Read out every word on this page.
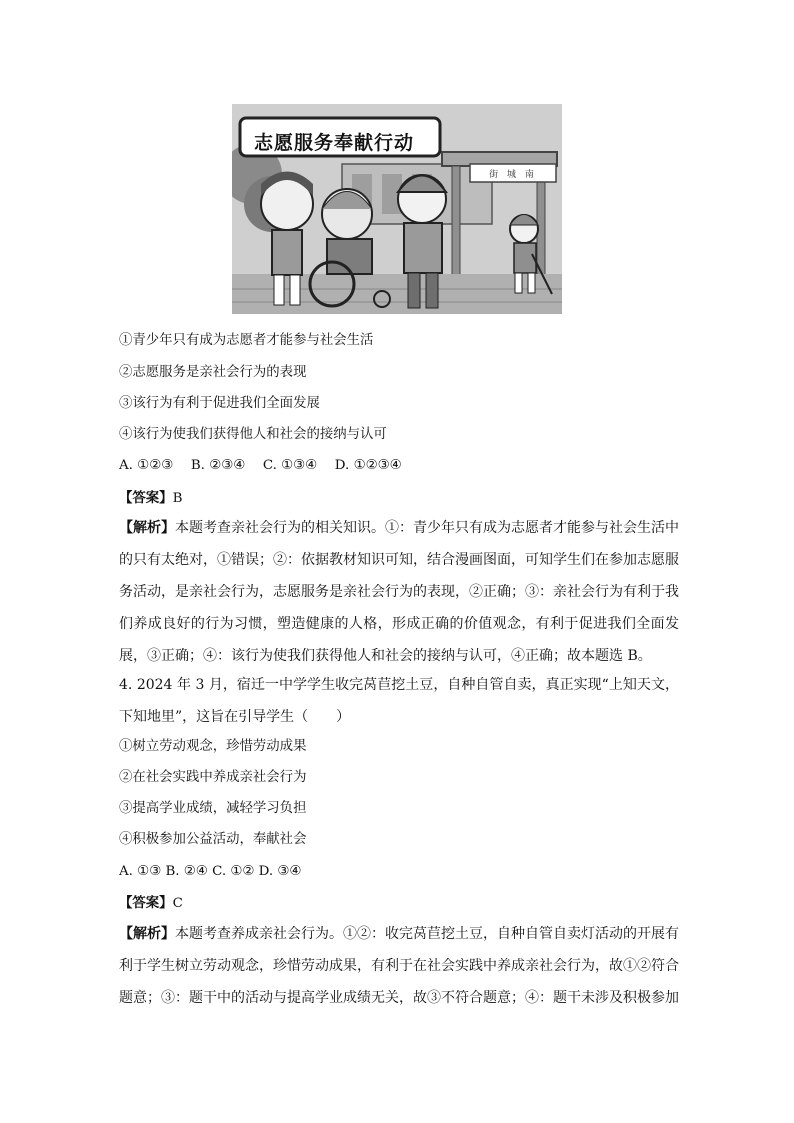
志愿服务奉献行动
街 城 南
①青少年只有成为志愿者才能参与社会生活
②志愿服务是亲社会行为的表现
③该行为有利于促进我们全面发展
④该行为使我们获得他人和社会的接纳与认可
A. ①②③　 B. ②③④　 C. ①③④　 D. ①②③④
【答案】B
【解析】本题考查亲社会行为的相关知识。①：青少年只有成为志愿者才能参与社会生活中的只有太绝对，①错误；②：依据教材知识可知，结合漫画图面，可知学生们在参加志愿服务活动，是亲社会行为，志愿服务是亲社会行为的表现，②正确；③：亲社会行为有利于我们养成良好的行为习惯，塑造健康的人格，形成正确的价值观念，有利于促进我们全面发展，③正确；④：该行为使我们获得他人和社会的接纳与认可，④正确；故本题选 B。
4. 2024 年 3 月，宿迁一中学学生收完莴苣挖土豆，自种自管自卖，真正实现“上知天文，下知地里”，这旨在引导学生（　　）
①树立劳动观念，珍惜劳动成果
②在社会实践中养成亲社会行为
③提高学业成绩，减轻学习负担
④积极参加公益活动，奉献社会
A. ①③ B. ②④ C. ①② D. ③④
【答案】C
【解析】本题考查养成亲社会行为。①②：收完莴苣挖土豆，自种自管自卖灯活动的开展有利于学生树立劳动观念，珍惜劳动成果，有利于在社会实践中养成亲社会行为，故①②符合题意；③：题干中的活动与提高学业成绩无关，故③不符合题意；④：题干未涉及积极参加
